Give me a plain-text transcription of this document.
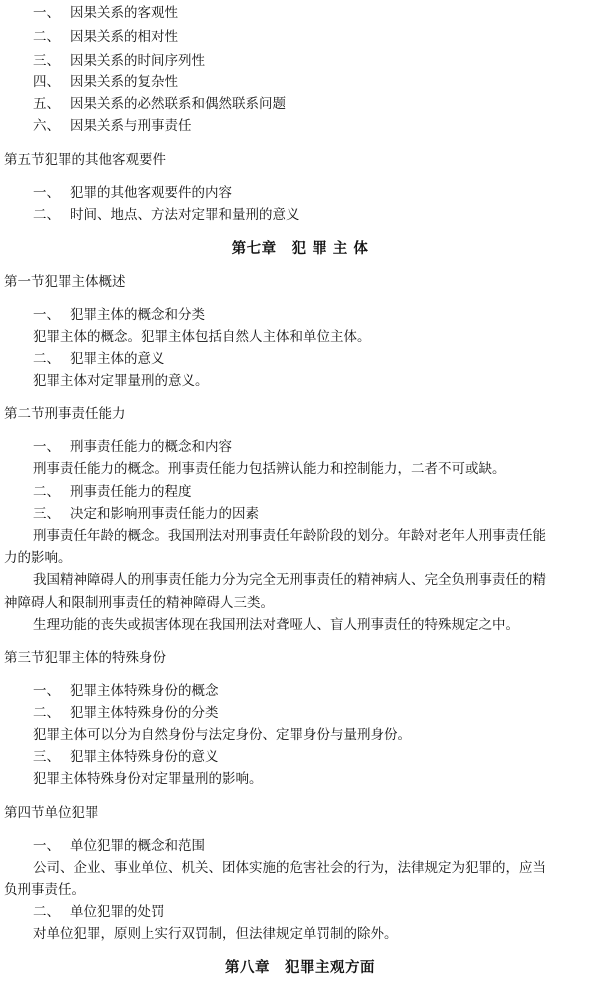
一、 因果关系的客观性
二、 因果关系的相对性
三、 因果关系的时间序列性
四、 因果关系的复杂性
五、 因果关系的必然联系和偶然联系问题
六、 因果关系与刑事责任
第五节犯罪的其他客观要件
一、 犯罪的其他客观要件的内容
二、 时间、地点、方法对定罪和量刑的意义
第七章　犯 罪 主 体
第一节犯罪主体概述
一、 犯罪主体的概念和分类
犯罪主体的概念。犯罪主体包括自然人主体和单位主体。
二、 犯罪主体的意义
犯罪主体对定罪量刑的意义。
第二节刑事责任能力
一、 刑事责任能力的概念和内容
刑事责任能力的概念。刑事责任能力包括辨认能力和控制能力，二者不可或缺。
二、 刑事责任能力的程度
三、 决定和影响刑事责任能力的因素
刑事责任年龄的概念。我国刑法对刑事责任年龄阶段的划分。年龄对老年人刑事责任能
力的影响。
我国精神障碍人的刑事责任能力分为完全无刑事责任的精神病人、完全负刑事责任的精
神障碍人和限制刑事责任的精神障碍人三类。
生理功能的丧失或损害体现在我国刑法对聋哑人、盲人刑事责任的特殊规定之中。
第三节犯罪主体的特殊身份
一、 犯罪主体特殊身份的概念
二、 犯罪主体特殊身份的分类
犯罪主体可以分为自然身份与法定身份、定罪身份与量刑身份。
三、 犯罪主体特殊身份的意义
犯罪主体特殊身份对定罪量刑的影响。
第四节单位犯罪
一、 单位犯罪的概念和范围
公司、企业、事业单位、机关、团体实施的危害社会的行为，法律规定为犯罪的，应当
负刑事责任。
二、 单位犯罪的处罚
对单位犯罪，原则上实行双罚制，但法律规定单罚制的除外。
第八章　犯罪主观方面
